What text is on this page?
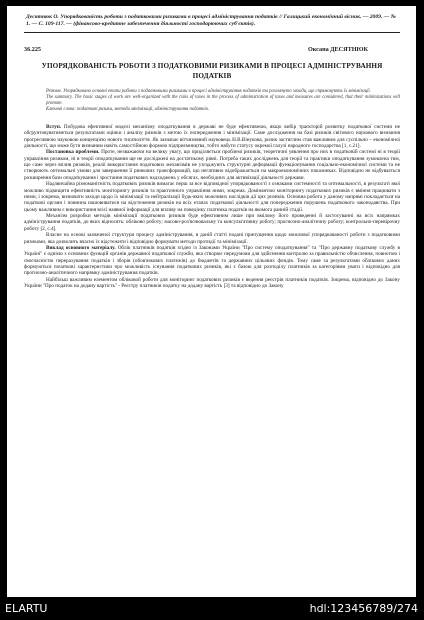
Десятнюк О. Упорядкованість роботи з податковими ризиками в процесі адміністрування податків // Галицький економічний вісник. — 2009. — № 1. — С. 109-117. — (фінансово-кредитне забезпечення діяльності господарюючих суб'єктів).
36.225	Оксана ДЕСЯТНЮК
УПОРЯДКОВАНІСТЬ РОБОТИ З ПОДАТКОВИМИ РИЗИКАМИ В ПРОЦЕСІ АДМІНІСТРУВАННЯ ПОДАТКІВ

Резюме. Упорядковано основні етапи роботи з податковими ризиками в процесі адміністрування податків та розглянуто заходи, що спрямовують їх мінімізації.

The summary. The basic stages of work are well-organized with the risks of taxes in the process of administration of taxes and measures are considered, that their minimizations will promote.

Ключові слова: податкові ризики, методи мінімізації, адміністрування податків.

Вступ. Побудова ефективної моделі механізму оподаткування в державі не буде ефективною, якщо вибір траєкторій розвитку податкової системи не обгрунтовуватиметься результатами оцінки і аналізу ризиків з метою їх попередження і мінімізації. Саме дослідження на базі ризиків світового наукового визнання прогресивною науковою концепцією нового тисячоліття. Як зазначає вітчизняний науковець Н.В.Вінукова, ризик застиглим став важливим для суспільно – економічної діяльності, що може бути визнаним навіть самостійною формою підприємництва, тобто набути статусу окремої галузі народного господарства [1, с.21].

Постановка проблеми. Проте, незважаючи на велику увагу, що приділяється проблемі ризиків, теоретичні уявлення про них в податковій системі ні в теорії управління ризиком, ні в теорії оподаткування ще не досліджені на достатньому рівні. Потреба таких досліджень для теорії та практики оподаткування зумовлена тим, що саме через вплив ризиків, реалії використання податкових механізмів не узгаджують структурні деформації функціонування соціально-економічної системи та не створюють оптимальні умови для завершення її ринкових трансформацій, що негативно відображається на макроекономічних показниках. Відповідно не відбувається розширення бази оподаткування і зростання податкових надходжень у обсягах, необхідних для активізації діяльності держави.

Надзвичайна різноманітність податкових ризиків вимагає перш за все відповідної упорядкованості з ознаками системності та оптимальності, в результаті якої можливо підвищити ефективність моніторингу ризиків та практичного управління ними, зокрема. Домінантою моніторингу податкових ризиків є вміння працювати з ними, і зокрема, визначати заходи щодо їх мінімізації та нейтралізації будь-яких можливих наслідків дії цих ризиків. Основна робота у даному напрямі покладається на податкові органи і повинна нашовиватися на відстеження ризиків на всіх етапах податкової діяльності для попередження порушень податкового законодавства. При цьому важливим є використання всієї наявної інформації для впливу на поведінку платника податків на якомога ранній стадії.

Механізм розробки методів мінімізації податкових ризиків буде ефективним лише при вмілому його проведенні й застосуванні на всіх напрямках адміністрування податків, до яких відносять: обліково роботу; масово-роз'яснювальну та консультативну роботу; прогнозно-аналітичну роботу; контрольно-перевірочну роботу [2, с.4].

Власне на основі зазначеної структури процесу адміністрування, в даній статті подані припущення щодо можливої упорядкованості роботи з податковими ризиками, яка дозволить вчасно їх відстежити і відповідно формувати методи протидії та мінімізації.

Виклад основного матеріалу. Облік платників податків згідно із Законами України "Про систему оподаткування" та "Про державну податкову службу в Україні" є однією з основних функцій органів державної податкової служби, яка створює передумови для здійснення контролю за правильністю обчислення, повнотою і своєчасністю перерахування податків і зборів (обов'язкових платежів) до бюджетів та державних цільових фондів. Тому саме за результатами облікових даних формуються початкові характеристики про можливість існування податкових ризиків, які є базою для розподілу платників за категоріями уваги і відповідно для прогнозно-аналітичного напрямку адміністрування податків.

Найбільш важливим елементом обліковой роботи для моніторинг податкових ризиків є ведення реєстрів платників податків. Зокрема, відповідно до Закону України "Про податок на додану вартість" - Реєстру платників податку на додану вартість [3] та відповідно до Закону

ELARTU	hdl:123456789/274
